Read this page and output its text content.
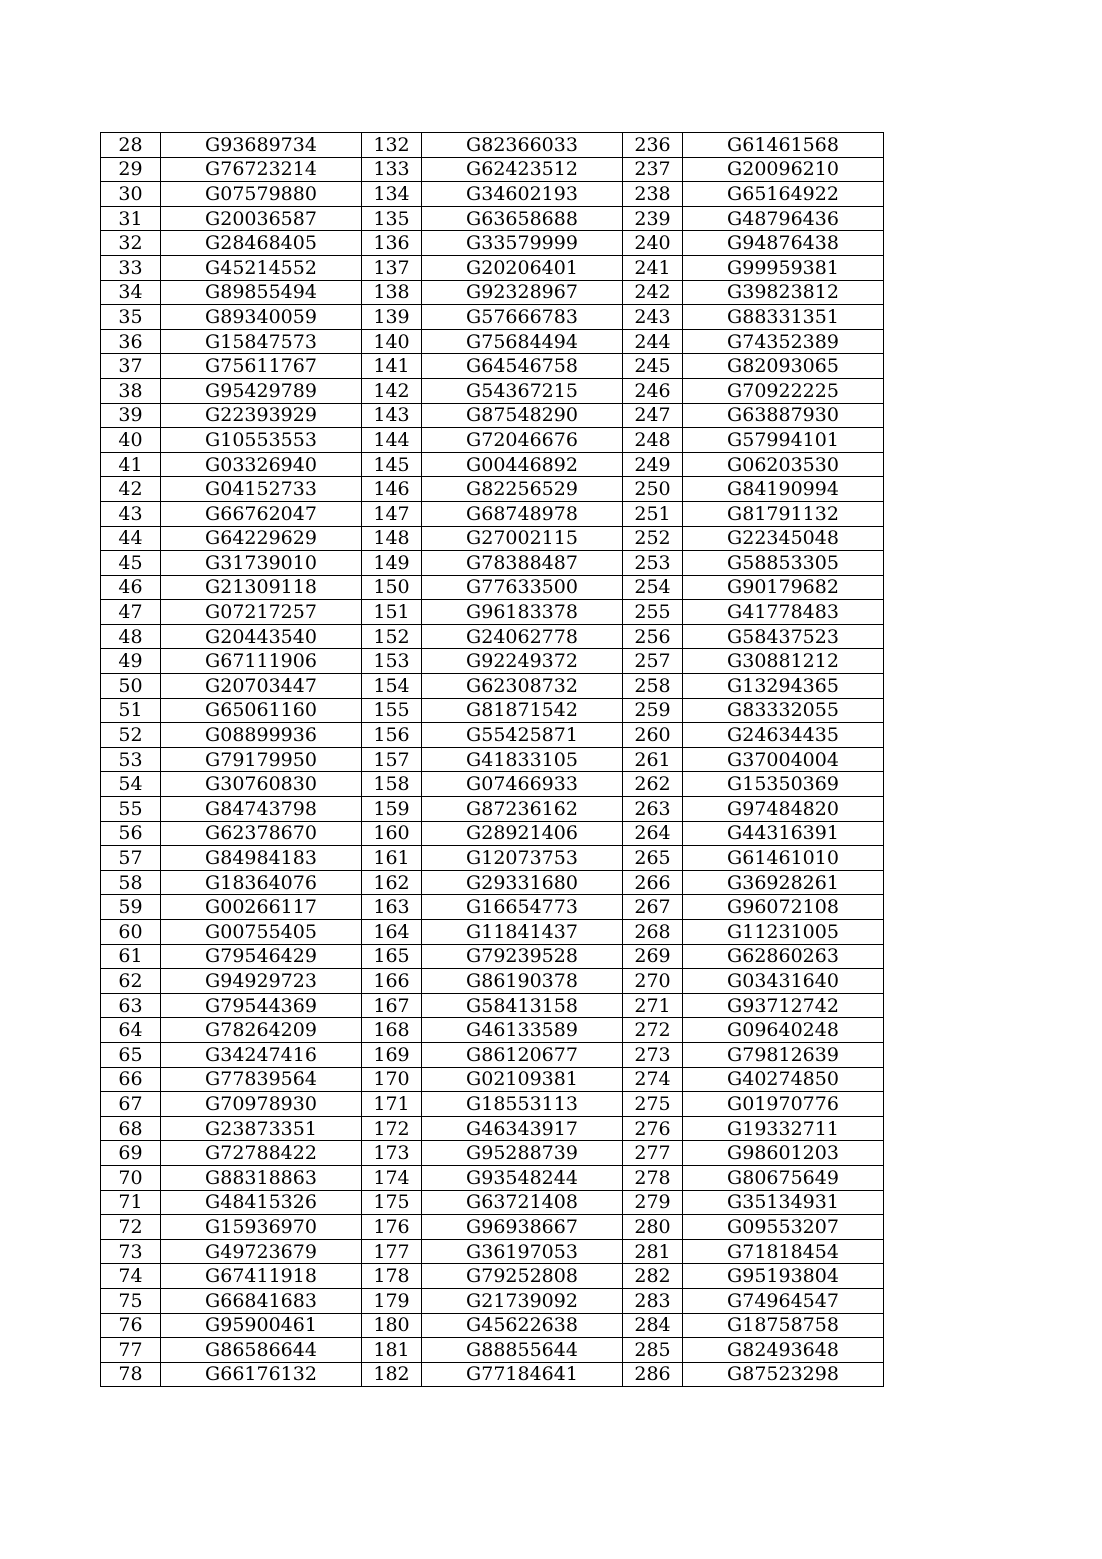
28	G93689734	132	G82366033	236	G61461568
29	G76723214	133	G62423512	237	G20096210
30	G07579880	134	G34602193	238	G65164922
31	G20036587	135	G63658688	239	G48796436
32	G28468405	136	G33579999	240	G94876438
33	G45214552	137	G20206401	241	G99959381
34	G89855494	138	G92328967	242	G39823812
35	G89340059	139	G57666783	243	G88331351
36	G15847573	140	G75684494	244	G74352389
37	G75611767	141	G64546758	245	G82093065
38	G95429789	142	G54367215	246	G70922225
39	G22393929	143	G87548290	247	G63887930
40	G10553553	144	G72046676	248	G57994101
41	G03326940	145	G00446892	249	G06203530
42	G04152733	146	G82256529	250	G84190994
43	G66762047	147	G68748978	251	G81791132
44	G64229629	148	G27002115	252	G22345048
45	G31739010	149	G78388487	253	G58853305
46	G21309118	150	G77633500	254	G90179682
47	G07217257	151	G96183378	255	G41778483
48	G20443540	152	G24062778	256	G58437523
49	G67111906	153	G92249372	257	G30881212
50	G20703447	154	G62308732	258	G13294365
51	G65061160	155	G81871542	259	G83332055
52	G08899936	156	G55425871	260	G24634435
53	G79179950	157	G41833105	261	G37004004
54	G30760830	158	G07466933	262	G15350369
55	G84743798	159	G87236162	263	G97484820
56	G62378670	160	G28921406	264	G44316391
57	G84984183	161	G12073753	265	G61461010
58	G18364076	162	G29331680	266	G36928261
59	G00266117	163	G16654773	267	G96072108
60	G00755405	164	G11841437	268	G11231005
61	G79546429	165	G79239528	269	G62860263
62	G94929723	166	G86190378	270	G03431640
63	G79544369	167	G58413158	271	G93712742
64	G78264209	168	G46133589	272	G09640248
65	G34247416	169	G86120677	273	G79812639
66	G77839564	170	G02109381	274	G40274850
67	G70978930	171	G18553113	275	G01970776
68	G23873351	172	G46343917	276	G19332711
69	G72788422	173	G95288739	277	G98601203
70	G88318863	174	G93548244	278	G80675649
71	G48415326	175	G63721408	279	G35134931
72	G15936970	176	G96938667	280	G09553207
73	G49723679	177	G36197053	281	G71818454
74	G67411918	178	G79252808	282	G95193804
75	G66841683	179	G21739092	283	G74964547
76	G95900461	180	G45622638	284	G18758758
77	G86586644	181	G88855644	285	G82493648
78	G66176132	182	G77184641	286	G87523298
